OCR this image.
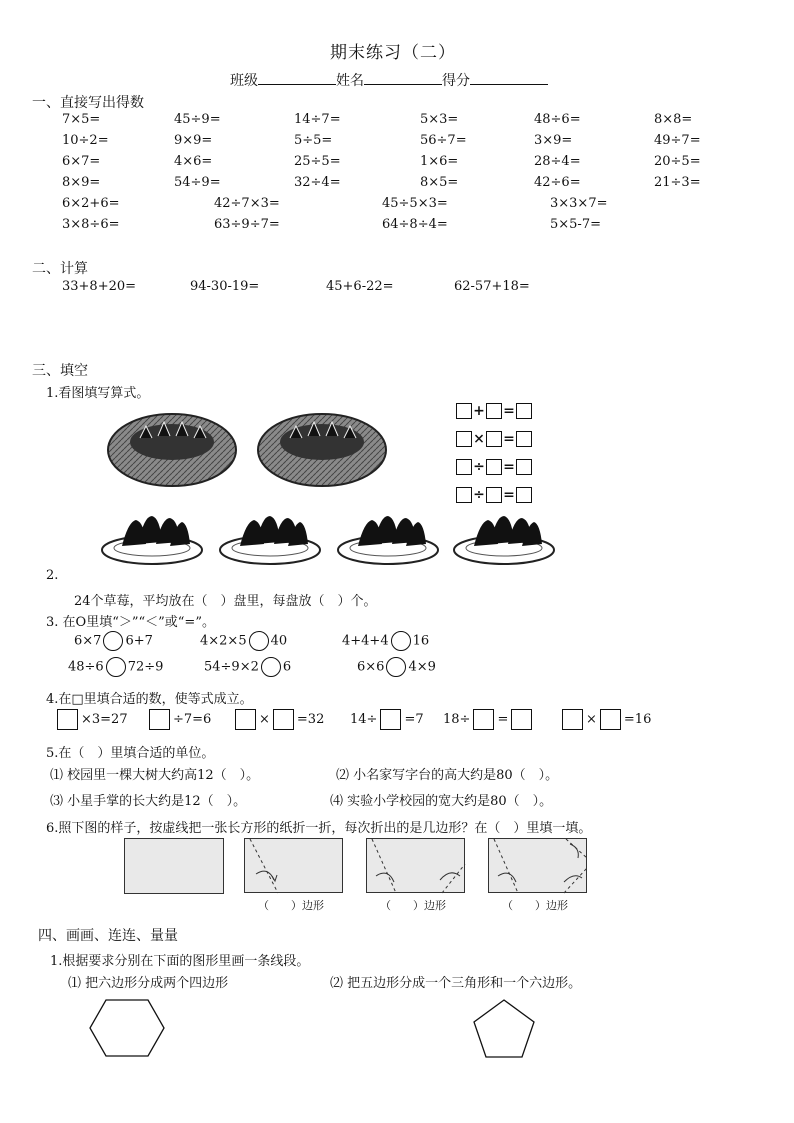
期末练习（二）
班级	姓名	得分
一、直接写出得数
7×5=	45÷9=	14÷7=	5×3=	48÷6=	8×8=
10÷2=	9×9=	5÷5=	56÷7=	3×9=	49÷7=
6×7=	4×6=	25÷5=	1×6=	28÷4=	20÷5=
8×9=	54÷9=	32÷4=	8×5=	42÷6=	21÷3=
6×2+6=	42÷7×3=	45÷5×3=	3×3×7=
3×8÷6=	63÷9÷7=	64÷8÷4=	5×5-7=
二、计算
33+8+20=	94-30-19=	45+6-22=	62-57+18=
三、填空
1.看图填写算式。
+ =
× =
÷ =
÷ =
2.
24个草莓，平均放在（　）盘里，每盘放（　）个。
3. 在O里填“＞”“＜”或“=”。
6×7 6+7	4×2×5 40	4+4+4 16
48÷6 72÷9	54÷9×2 6	6×6 4×9
4.在□里填合适的数，使等式成立。
×3=27	÷7=6	× =32 14÷ =7 18÷ =	× =16
5.在（　）里填合适的单位。
⑴ 校园里一棵大树大约高12（　）。	⑵ 小名家写字台的高大约是80（　）。
⑶ 小星手掌的长大约是12（　）。	⑷ 实验小学校园的宽大约是80（　）。
6.照下图的样子，按虚线把一张长方形的纸折一折，每次折出的是几边形？在（　）里填一填。
（　　）边形	（　　）边形	（　　）边形
四、画画、连连、量量
1.根据要求分别在下面的图形里画一条线段。
⑴ 把六边形分成两个四边形	⑵ 把五边形分成一个三角形和一个六边形。
